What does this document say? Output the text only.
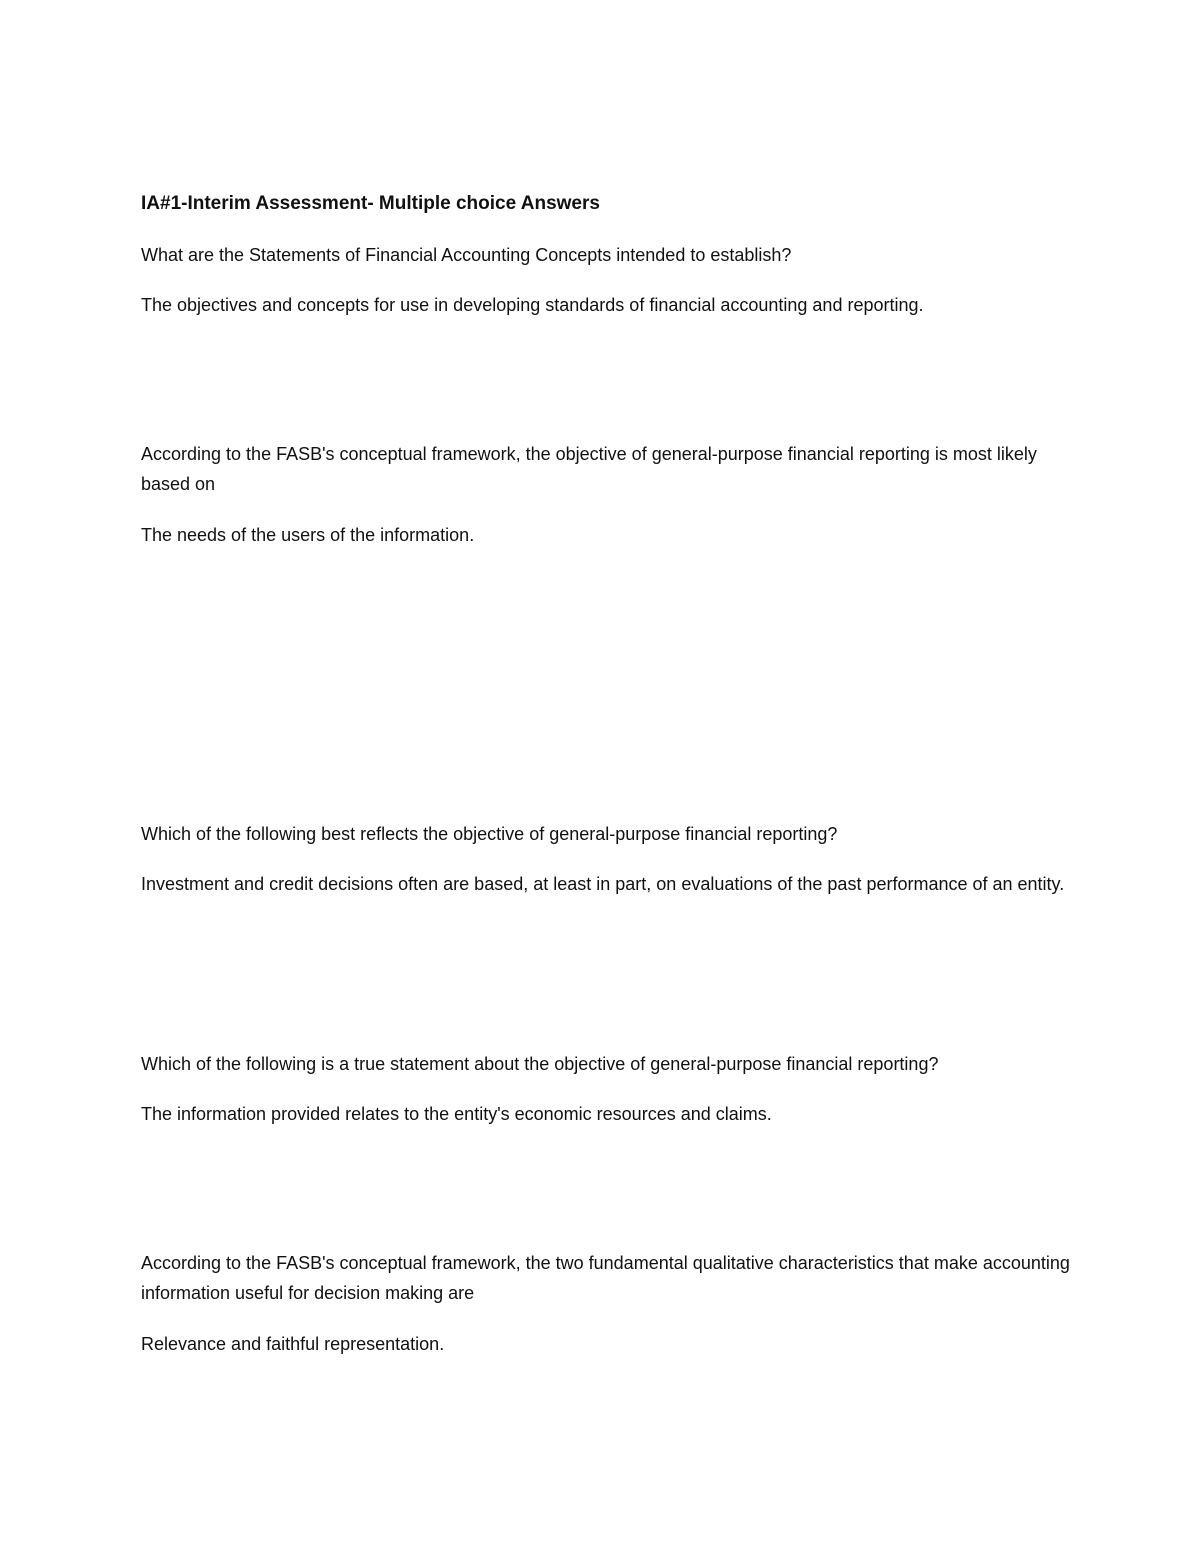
IA#1-Interim Assessment- Multiple choice Answers
What are the Statements of Financial Accounting Concepts intended to establish?
The objectives and concepts for use in developing standards of financial accounting and reporting.
According to the FASB's conceptual framework, the objective of general-purpose financial reporting is most likely based on
The needs of the users of the information.
Which of the following best reflects the objective of general-purpose financial reporting?
Investment and credit decisions often are based, at least in part, on evaluations of the past performance of an entity.
Which of the following is a true statement about the objective of general-purpose financial reporting?
The information provided relates to the entity's economic resources and claims.
According to the FASB's conceptual framework, the two fundamental qualitative characteristics that make accounting information useful for decision making are
Relevance and faithful representation.
